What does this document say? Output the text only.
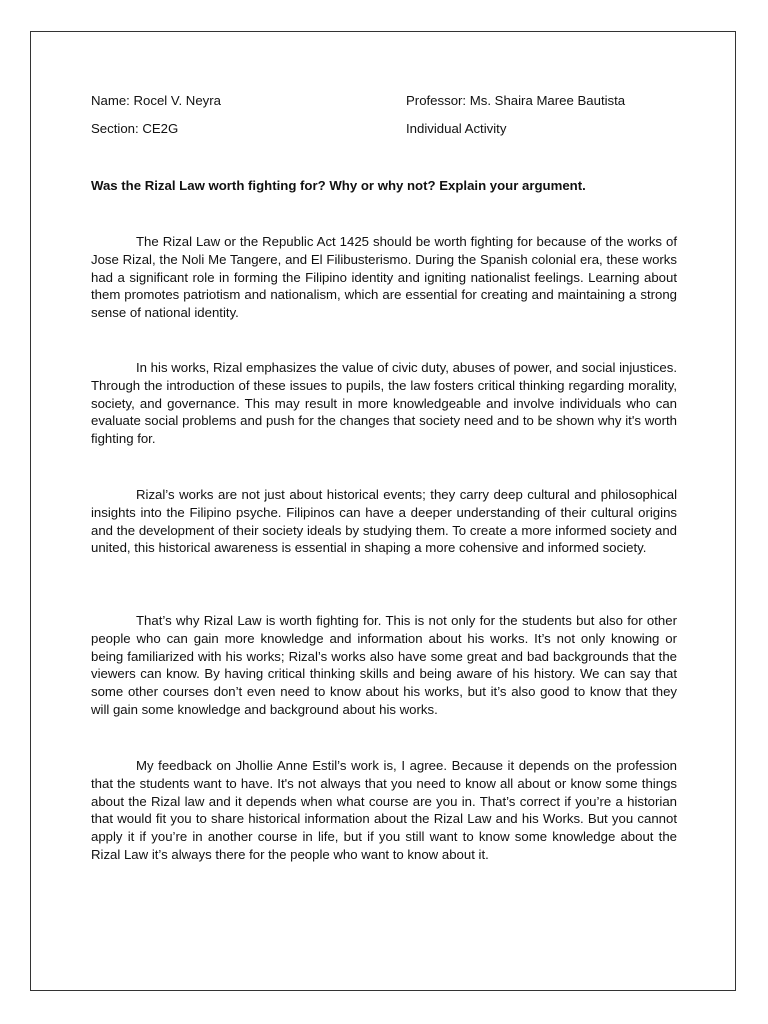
Name: Rocel V. Neyra	Professor: Ms. Shaira Maree Bautista
Section: CE2G	Individual Activity
Was the Rizal Law worth fighting for? Why or why not? Explain your argument.

The Rizal Law or the Republic Act 1425 should be worth fighting for because of the works of Jose Rizal, the Noli Me Tangere, and El Filibusterismo. During the Spanish colonial era, these works had a significant role in forming the Filipino identity and igniting nationalist feelings. Learning about them promotes patriotism and nationalism, which are essential for creating and maintaining a strong sense of national identity.

In his works, Rizal emphasizes the value of civic duty, abuses of power, and social injustices. Through the introduction of these issues to pupils, the law fosters critical thinking regarding morality, society, and governance. This may result in more knowledgeable and involve individuals who can evaluate social problems and push for the changes that society need and to be shown why it's worth fighting for.

Rizal’s works are not just about historical events; they carry deep cultural and philosophical insights into the Filipino psyche. Filipinos can have a deeper understanding of their cultural origins and the development of their society ideals by studying them. To create a more informed society and united, this historical awareness is essential in shaping a more cohensive and informed society.

That’s why Rizal Law is worth fighting for. This is not only for the students but also for other people who can gain more knowledge and information about his works. It’s not only knowing or being familiarized with his works; Rizal’s works also have some great and bad backgrounds that the viewers can know. By having critical thinking skills and being aware of his history. We can say that some other courses don’t even need to know about his works, but it’s also good to know that they will gain some knowledge and background about his works.

My feedback on Jhollie Anne Estil’s work is, I agree. Because it depends on the profession that the students want to have. It's not always that you need to know all about or know some things about the Rizal law and it depends when what course are you in. That’s correct if you’re a historian that would fit you to share historical information about the Rizal Law and his Works. But you cannot apply it if you’re in another course in life, but if you still want to know some knowledge about the Rizal Law it’s always there for the people who want to know about it.
